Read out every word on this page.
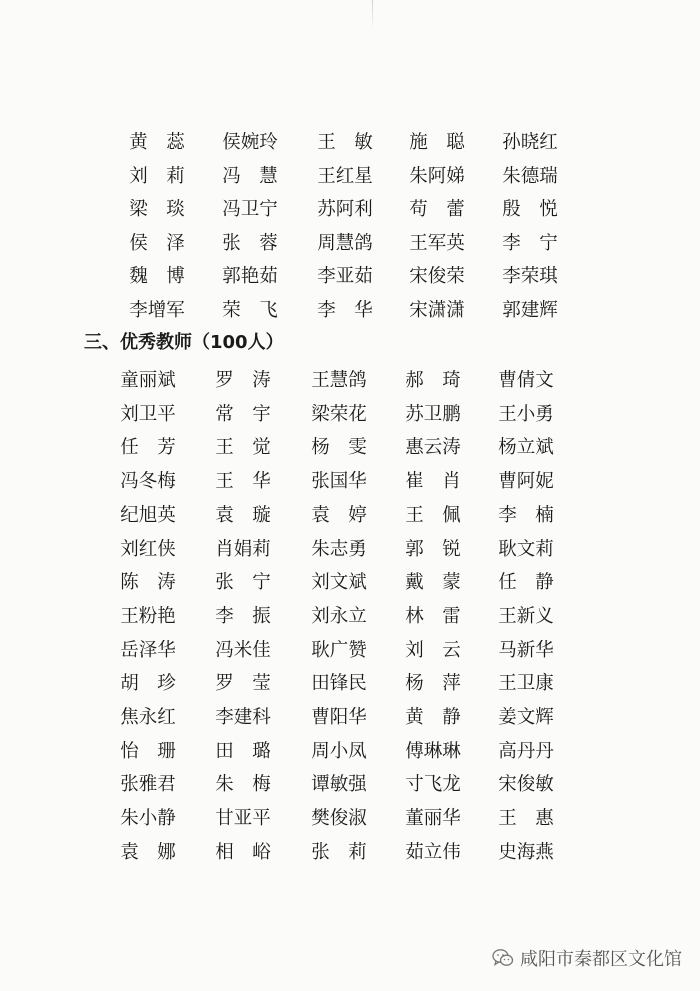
黄　蕊	侯婉玲	王　敏	施　聪	孙晓红
刘　莉	冯　慧	王红星	朱阿娣	朱德瑞
梁　琰	冯卫宁	苏阿利	苟　蕾	殷　悦
侯　泽	张　蓉	周慧鸽	王军英	李　宁
魏　博	郭艳茹	李亚茹	宋俊荣	李荣琪
李增军	荣　飞	李　华	宋潇潇	郭建辉
三、优秀教师（100人）
童丽斌	罗　涛	王慧鸽	郝　琦	曹倩文
刘卫平	常　宇	梁荣花	苏卫鹏	王小勇
任　芳	王　觉	杨　雯	惠云涛	杨立斌
冯冬梅	王　华	张国华	崔　肖	曹阿妮
纪旭英	袁　璇	袁　婷	王　佩	李　楠
刘红侠	肖娟莉	朱志勇	郭　锐	耿文莉
陈　涛	张　宁	刘文斌	戴　蒙	任　静
王粉艳	李　振	刘永立	林　雷	王新义
岳泽华	冯米佳	耿广赞	刘　云	马新华
胡　珍	罗　莹	田锋民	杨　萍	王卫康
焦永红	李建科	曹阳华	黄　静	姜文辉
怡　珊	田　璐	周小凤	傅琳琳	高丹丹
张雅君	朱　梅	谭敏强	寸飞龙	宋俊敏
朱小静	甘亚平	樊俊淑	董丽华	王　惠
袁　娜	相　峪	张　莉	茹立伟	史海燕
咸阳市秦都区文化馆
